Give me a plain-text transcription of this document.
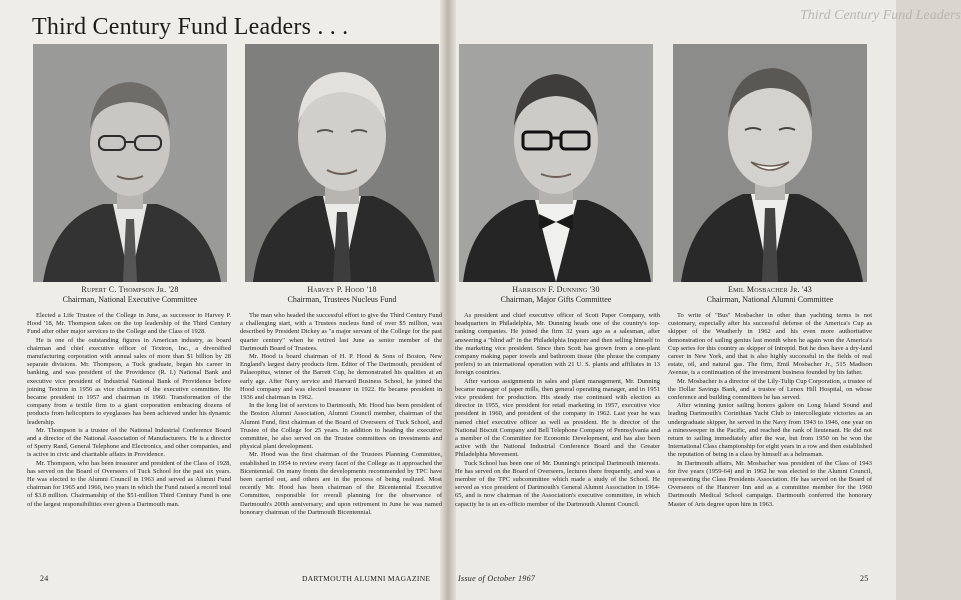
Third Century Fund Leaders . . .	Third Century Fund Leaders
Rupert C. Thompson Jr. '28
Chairman, National Executive Committee
Harvey P. Hood '18
Chairman, Trustees Nucleus Fund
Harrison F. Dunning '30
Chairman, Major Gifts Committee
Emil Mosbacher Jr. '43
Chairman, National Alumni Committee

Elected a Life Trustee of the College in June, as successor to Harvey P. Hood '18, Mr. Thompson takes on the top leadership of the Third Century Fund after other major services to the College and the Class of 1928.

He is one of the outstanding figures in American industry, as board chairman and chief executive officer of Textron, Inc., a diversified manufacturing corporation with annual sales of more than $1 billion by 28 separate divisions. Mr. Thompson, a Tuck graduate, began his career in banking, and was president of the Providence (R. I.) National Bank and executive vice president of Industrial National Bank of Providence before joining Textron in 1956 as vice chairman of the executive committee. He became president in 1957 and chairman in 1960. Transformation of the company from a textile firm to a giant corporation embracing dozens of products from helicopters to eyeglasses has been achieved under his dynamic leadership.

Mr. Thompson is a trustee of the National Industrial Conference Board and a director of the National Association of Manufacturers. He is a director of Sperry Rand, General Telephone and Electronics, and other companies, and is active in civic and charitable affairs in Providence.

Mr. Thompson, who has been treasurer and president of the Class of 1928, has served on the Board of Overseers of Tuck School for the past six years. He was elected to the Alumni Council in 1963 and served as Alumni Fund chairman for 1965 and 1966, two years in which the Fund raised a record total of $3.8 million. Chairmanship of the $51-million Third Century Fund is one of the largest responsibilities ever given a Dartmouth man.

The man who headed the successful effort to give the Third Century Fund a challenging start, with a Trustees nucleus fund of over $5 million, was described by President Dickey as "a major servant of the College for the past quarter century" when he retired last June as senior member of the Dartmouth Board of Trustees.

Mr. Hood is board chairman of H. P. Hood & Sons of Boston, New England's largest dairy products firm. Editor of The Dartmouth, president of Palaeopitus, winner of the Barrett Cup, he demonstrated his qualities at an early age. After Navy service and Harvard Business School, he joined the Hood company and was elected treasurer in 1922. He became president in 1936 and chairman in 1962.

In the long list of services to Dartmouth, Mr. Hood has been president of the Boston Alumni Association, Alumni Council member, chairman of the Alumni Fund, first chairman of the Board of Overseers of Tuck School, and Trustee of the College for 25 years. In addition to heading the executive committee, he also served on the Trustee committees on investments and physical plant development.

Mr. Hood was the first chairman of the Trustees Planning Committee, established in 1954 to review every facet of the College as it approached the Bicentennial. On many fronts the developments recommended by TPC have been carried out, and others are in the process of being realized. Most recently Mr. Hood has been chairman of the Bicentennial Executive Committee, responsible for overall planning for the observance of Dartmouth's 200th anniversary; and upon retirement in June he was named honorary chairman of the Dartmouth Bicentennial.

As president and chief executive officer of Scott Paper Company, with headquarters in Philadelphia, Mr. Dunning heads one of the country's top-ranking companies. He joined the firm 32 years ago as a salesman, after answering a "blind ad" in the Philadelphia Inquirer and then selling himself to the marketing vice president. Since then Scott has grown from a one-plant company making paper towels and bathroom tissue (the phrase the company prefers) to an international operation with 21 U. S. plants and affiliates in 13 foreign countries.

After various assignments in sales and plant management, Mr. Dunning became manager of paper mills, then general operating manager, and in 1951 vice president for production. His steady rise continued with election as director in 1955, vice president for retail marketing in 1957, executive vice president in 1960, and president of the company in 1962. Last year he was named chief executive officer as well as president. He is director of the National Biscuit Company and Bell Telephone Company of Pennsylvania and a member of the Committee for Economic Development, and has also been active with the National Industrial Conference Board and the Greater Philadelphia Movement.

Tuck School has been one of Mr. Dunning's principal Dartmouth interests. He has served on the Board of Overseers, lectures there frequently, and was a member of the TPC subcommittee which made a study of the School. He served as vice president of Dartmouth's General Alumni Association in 1964-65, and is now chairman of the Association's executive committee, in which capacity he is an ex-officio member of the Dartmouth Alumni Council.

To write of "Bus" Mosbacher in other than yachting terms is not customary, especially after his successful defense of the America's Cup as skipper of the Weatherly in 1962 and his even more authoritative demonstration of sailing genius last month when he again won the America's Cup series for this country as skipper of Intrepid. But he does have a dry-land career in New York, and that is also highly successful in the fields of real estate, oil, and natural gas. The firm, Emil Mosbacher Jr., 515 Madison Avenue, is a continuation of the investment business founded by his father.

Mr. Mosbacher is a director of the Lily-Tulip Cup Corporation, a trustee of the Dollar Savings Bank, and a trustee of Lenox Hill Hospital, on whose conference and building committees he has served.

After winning junior sailing honors galore on Long Island Sound and leading Dartmouth's Corinthian Yacht Club to intercollegiate victories as an undergraduate skipper, he served in the Navy from 1943 to 1946, one year on a minesweeper in the Pacific, and reached the rank of lieutenant. He did not return to sailing immediately after the war, but from 1950 on he won the International Class championship for eight years in a row and then established the reputation of being in a class by himself as a helmsman.

In Dartmouth affairs, Mr. Mosbacher was president of the Class of 1943 for five years (1959-64) and in 1962 he was elected to the Alumni Council, representing the Class Presidents Association. He has served on the Board of Overseers of the Hanover Inn and as a committee member for the 1960 Dartmouth Medical School campaign. Dartmouth conferred the honorary Master of Arts degree upon him in 1963.

24	DARTMOUTH ALUMNI MAGAZINE	Issue of October 1967	25
